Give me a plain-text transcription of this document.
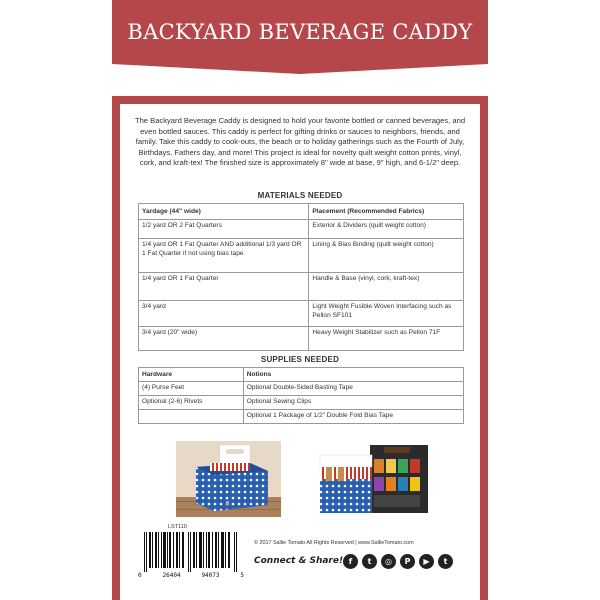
BACKYARD BEVERAGE CADDY

The Backyard Beverage Caddy is designed to hold your favorite bottled or canned beverages, and even bottled sauces. This caddy is perfect for gifting drinks or sauces to neighbors, friends, and family. Take this caddy to cook-outs, the beach or to holiday gatherings such as the Fourth of July, Birthdays, Fathers day, and more! This project is ideal for novelty quilt weight cotton prints, vinyl, cork, and kraft-tex! The finished size is approximately 8" wide at base, 9" high, and 6-1/2" deep.

MATERIALS NEEDED
Yardage (44" wide)	Placement (Recommended Fabrics)
1/2 yard OR 2 Fat Quarters	Exterior & Dividers (quilt weight cotton)
1/4 yard OR 1 Fat Quarter AND additional 1/3 yard OR 1 Fat Quarter if not using bias tape	Lining & Bias Binding (quilt weight cotton)
1/4 yard OR 1 Fat Quarter	Handle & Base (vinyl, cork, kraft-tex)
3/4 yard	Light Weight Fusible Woven Interfacing such as Pellon SF101
3/4 yard (20" wide)	Heavy Weight Stabilizer such as Pellon 71F
SUPPLIES NEEDED
Hardware	Notions
(4) Purse Feet	Optional Double-Sided Basting Tape
Optional (2-6) Rivets	Optional Sewing Clips
	Optional 1 Package of 1/2" Double Fold Bias Tape
LST110
0	26404	94073	5
© 2017 Sallie Tomato All Rights Reserved | www.SallieTomato.com
Connect & Share! f	t	◎	P	▶	t
